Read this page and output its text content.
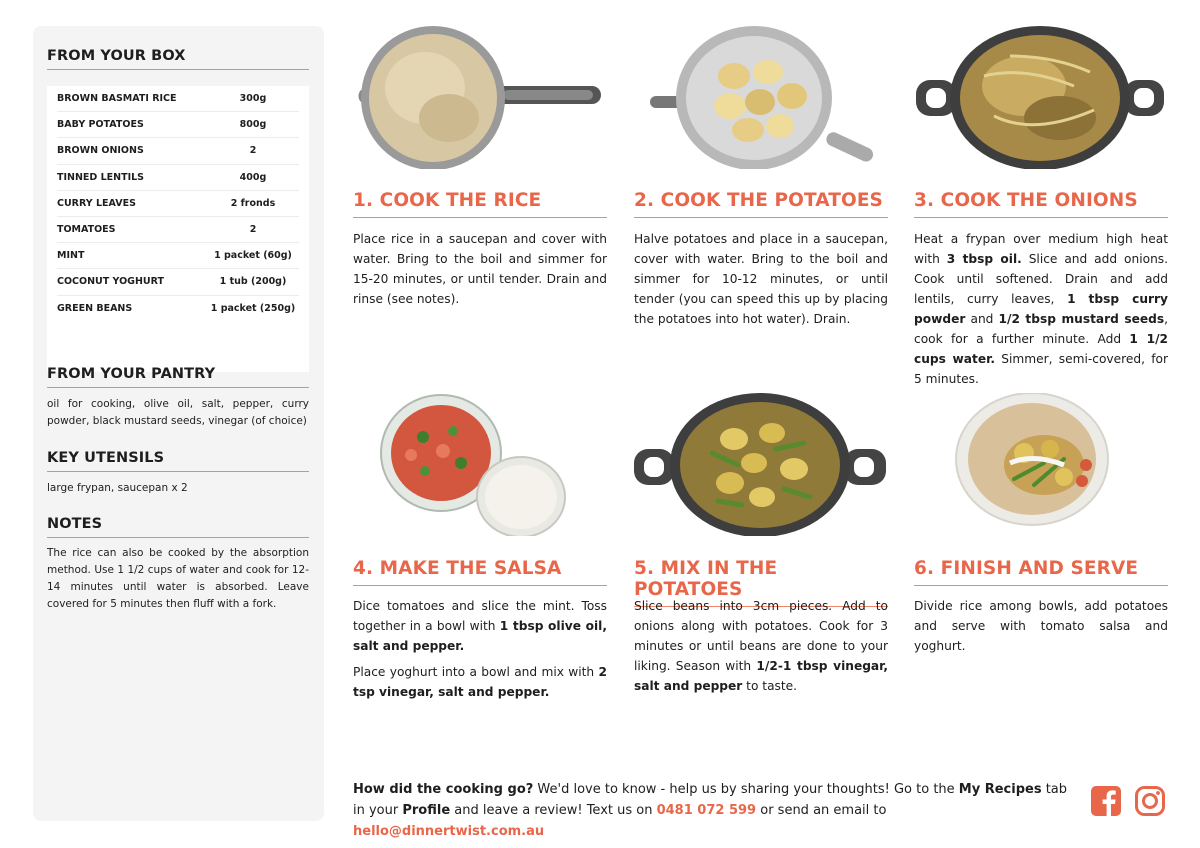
FROM YOUR BOX
BROWN BASMATI RICE	300g
BABY POTATOES	800g
BROWN ONIONS	2
TINNED LENTILS	400g
CURRY LEAVES	2 fronds
TOMATOES	2
MINT	1 packet (60g)
COCONUT YOGHURT	1 tub (200g)
GREEN BEANS	1 packet (250g)
FROM YOUR PANTRY
oil for cooking, olive oil, salt, pepper, curry powder, black mustard seeds, vinegar (of choice)
KEY UTENSILS
large frypan, saucepan x 2
NOTES
The rice can also be cooked by the absorption method. Use 1 1/2 cups of water and cook for 12-14 minutes until water is absorbed. Leave covered for 5 minutes then fluff with a fork.
1. COOK THE RICE

Place rice in a saucepan and cover with water. Bring to the boil and simmer for 15-20 minutes, or until tender. Drain and rinse (see notes).

2. COOK THE POTATOES

Halve potatoes and place in a saucepan, cover with water. Bring to the boil and simmer for 10-12 minutes, or until tender (you can speed this up by placing the potatoes into hot water). Drain.

3. COOK THE ONIONS

Heat a frypan over medium high heat with 3 tbsp oil. Slice and add onions. Cook until softened. Drain and add lentils, curry leaves, 1 tbsp curry powder and 1/2 tbsp mustard seeds, cook for a further minute. Add 1 1/2 cups water. Simmer, semi-covered, for 5 minutes.

4. MAKE THE SALSA

Dice tomatoes and slice the mint. Toss together in a bowl with 1 tbsp olive oil, salt and pepper.

Place yoghurt into a bowl and mix with 2 tsp vinegar, salt and pepper.

5. MIX IN THE POTATOES

Slice beans into 3cm pieces. Add to onions along with potatoes. Cook for 3 minutes or until beans are done to your liking. Season with 1/2-1 tbsp vinegar, salt and pepper to taste.

6. FINISH AND SERVE

Divide rice among bowls, add potatoes and serve with tomato salsa and yoghurt.

How did the cooking go? We'd love to know - help us by sharing your thoughts! Go to the My Recipes tab in your Profile and leave a review! Text us on 0481 072 599 or send an email to hello@dinnertwist.com.au
